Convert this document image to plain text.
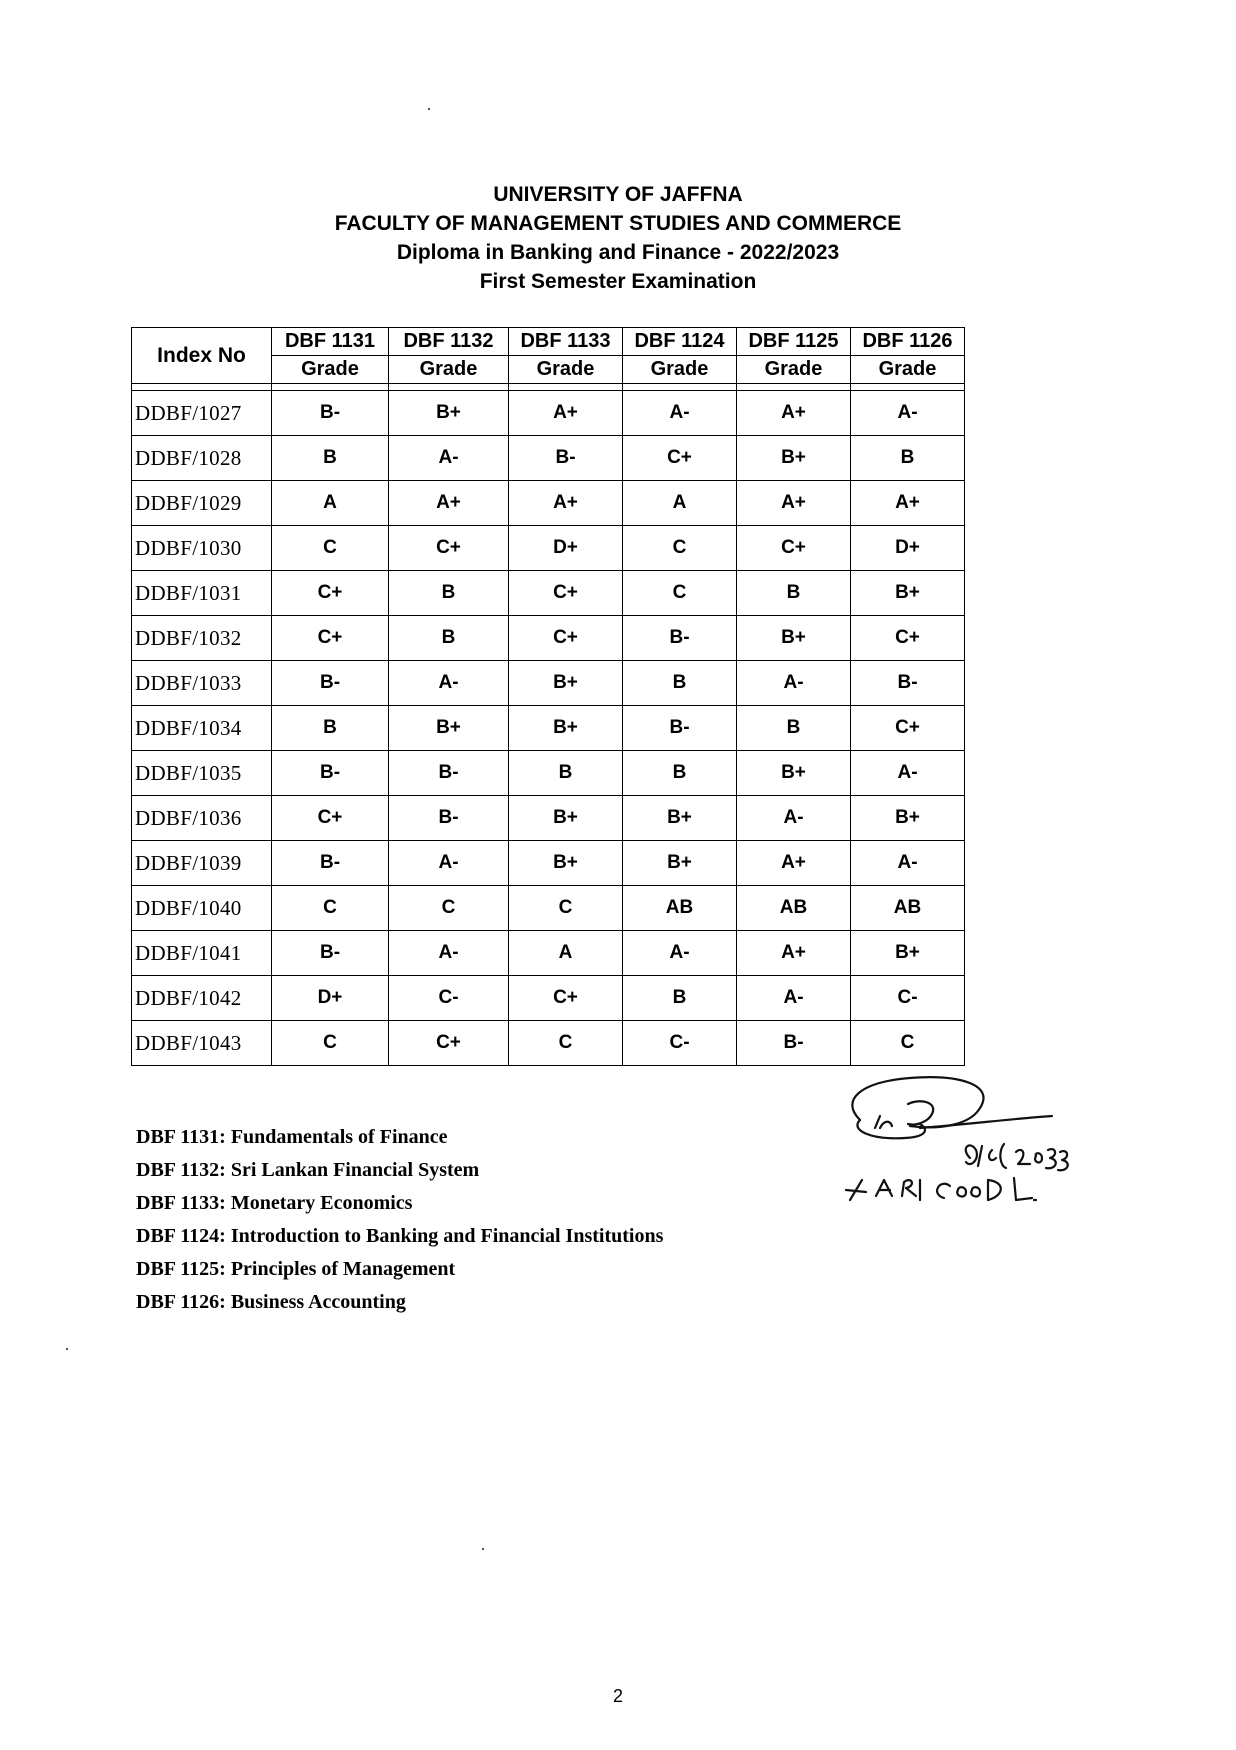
UNIVERSITY OF JAFFNA
FACULTY OF MANAGEMENT STUDIES AND COMMERCE
Diploma in Banking and Finance - 2022/2023
First Semester Examination
Index No	DBF 1131	DBF 1132	DBF 1133	DBF 1124	DBF 1125	DBF 1126
	Grade	Grade	Grade	Grade	Grade	Grade

DDBF/1027	B-	B+	A+	A-	A+	A-
DDBF/1028	B	A-	B-	C+	B+	B
DDBF/1029	A	A+	A+	A	A+	A+
DDBF/1030	C	C+	D+	C	C+	D+
DDBF/1031	C+	B	C+	C	B	B+
DDBF/1032	C+	B	C+	B-	B+	C+
DDBF/1033	B-	A-	B+	B	A-	B-
DDBF/1034	B	B+	B+	B-	B	C+
DDBF/1035	B-	B-	B	B	B+	A-
DDBF/1036	C+	B-	B+	B+	A-	B+
DDBF/1039	B-	A-	B+	B+	A+	A-
DDBF/1040	C	C	C	AB	AB	AB
DDBF/1041	B-	A-	A	A-	A+	B+
DDBF/1042	D+	C-	C+	B	A-	C-
DDBF/1043	C	C+	C	C-	B-	C
DBF 1131: Fundamentals of Finance
DBF 1132: Sri Lankan Financial System
DBF 1133: Monetary Economics
DBF 1124: Introduction to Banking and Financial Institutions
DBF 1125: Principles of Management
DBF 1126: Business Accounting
2
